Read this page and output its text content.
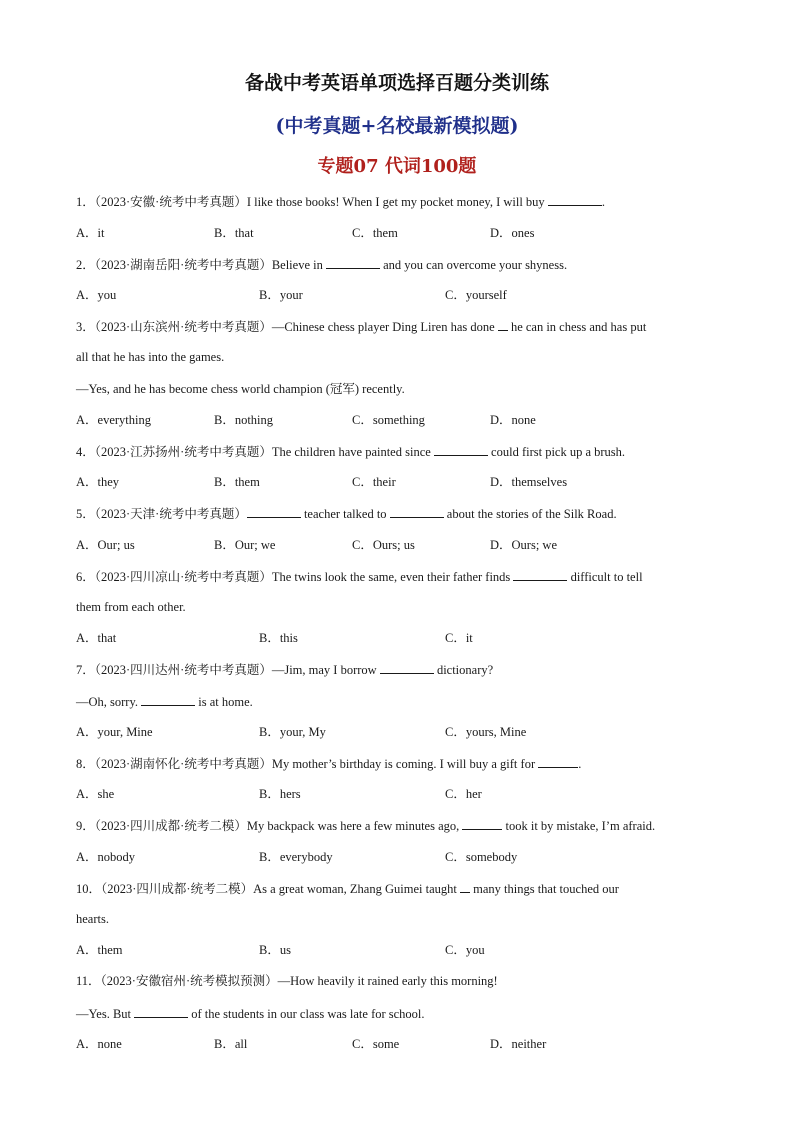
备战中考英语单项选择百题分类训练
(中考真题+名校最新模拟题)
专题07 代词100题
1．（2023·安徽·统考中考真题）I like those books! When I get my pocket money, I will buy	.
A．it	B．that	C．them	D．ones
2．（2023·湖南岳阳·统考中考真题）Believe in	and you can overcome your shyness.
A．you	B．your	C．yourself
3．（2023·山东滨州·统考中考真题）—Chinese chess player Ding Liren has done he can in chess and has put
all that he has into the games.
—Yes, and he has become chess world champion (冠军) recently.
A．everything	B．nothing	C．something	D．none
4．（2023·江苏扬州·统考中考真题）The children have painted since	could first pick up a brush.
A．they	B．them	C．their	D．themselves
5．（2023·天津·统考中考真题）	teacher talked to	about the stories of the Silk Road.
A．Our; us	B．Our; we	C．Ours; us	D．Ours; we
6．（2023·四川凉山·统考中考真题）The twins look the same, even their father finds	difficult to tell
them from each other.
A．that	B．this	C．it
7．（2023·四川达州·统考中考真题）—Jim, may I borrow	dictionary?
—Oh, sorry.	is at home.
A．your, Mine	B．your, My	C．yours, Mine
8．（2023·湖南怀化·统考中考真题）My mother’s birthday is coming. I will buy a gift for	.
A．she	B．hers	C．her
9．（2023·四川成都·统考二模）My backpack was here a few minutes ago,	took it by mistake, I’m afraid.
A．nobody	B．everybody	C．somebody
10．（2023·四川成都·统考二模）As a great woman, Zhang Guimei taught many things that touched our
hearts.
A．them	B．us	C．you
11．（2023·安徽宿州·统考模拟预测）—How heavily it rained early this morning!
—Yes. But	of the students in our class was late for school.
A．none	B．all	C．some	D．neither
